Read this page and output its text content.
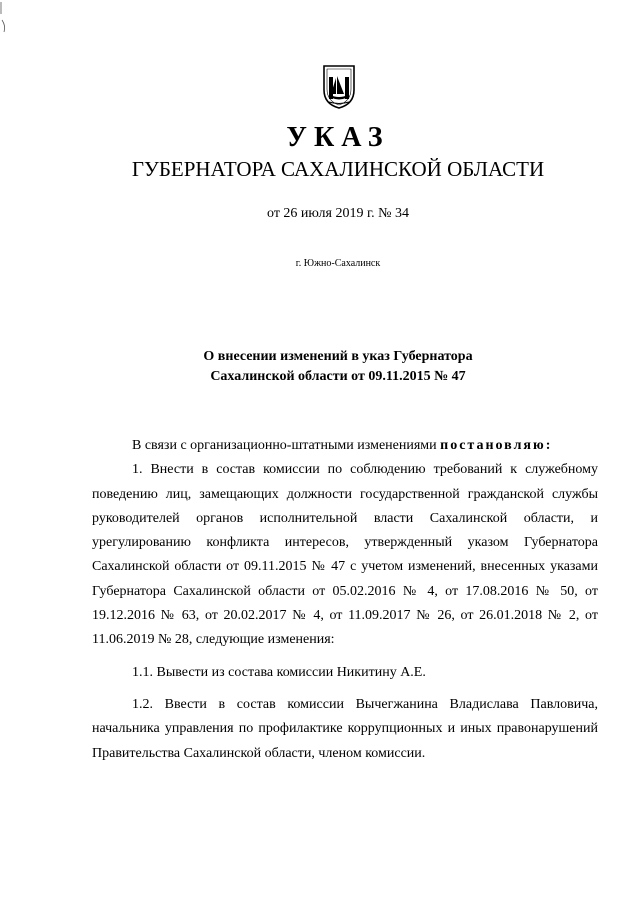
УКАЗ
ГУБЕРНАТОРА САХАЛИНСКОЙ ОБЛАСТИ
от 26 июля 2019 г. № 34
г. Южно-Сахалинск
О внесении изменений в указ Губернатора
Сахалинской области от 09.11.2015 № 47

В связи с организационно-штатными изменениями постановляю:

1. Внести в состав комиссии по соблюдению требований к служебному поведению лиц, замещающих должности государственной гражданской службы руководителей органов исполнительной власти Сахалинской области, и урегулированию конфликта интересов, утвержденный указом Губернатора Сахалинской области от 09.11.2015 № 47 с учетом изменений, внесенных указами Губернатора Сахалинской области от 05.02.2016 № 4, от 17.08.2016 № 50, от 19.12.2016 № 63, от 20.02.2017 № 4, от 11.09.2017 № 26, от 26.01.2018 № 2, от 11.06.2019 № 28, следующие изменения:

1.1. Вывести из состава комиссии Никитину А.Е.

1.2. Ввести в состав комиссии Вычегжанина Владислава Павловича, начальника управления по профилактике коррупционных и иных правонарушений Правительства Сахалинской области, членом комиссии.
